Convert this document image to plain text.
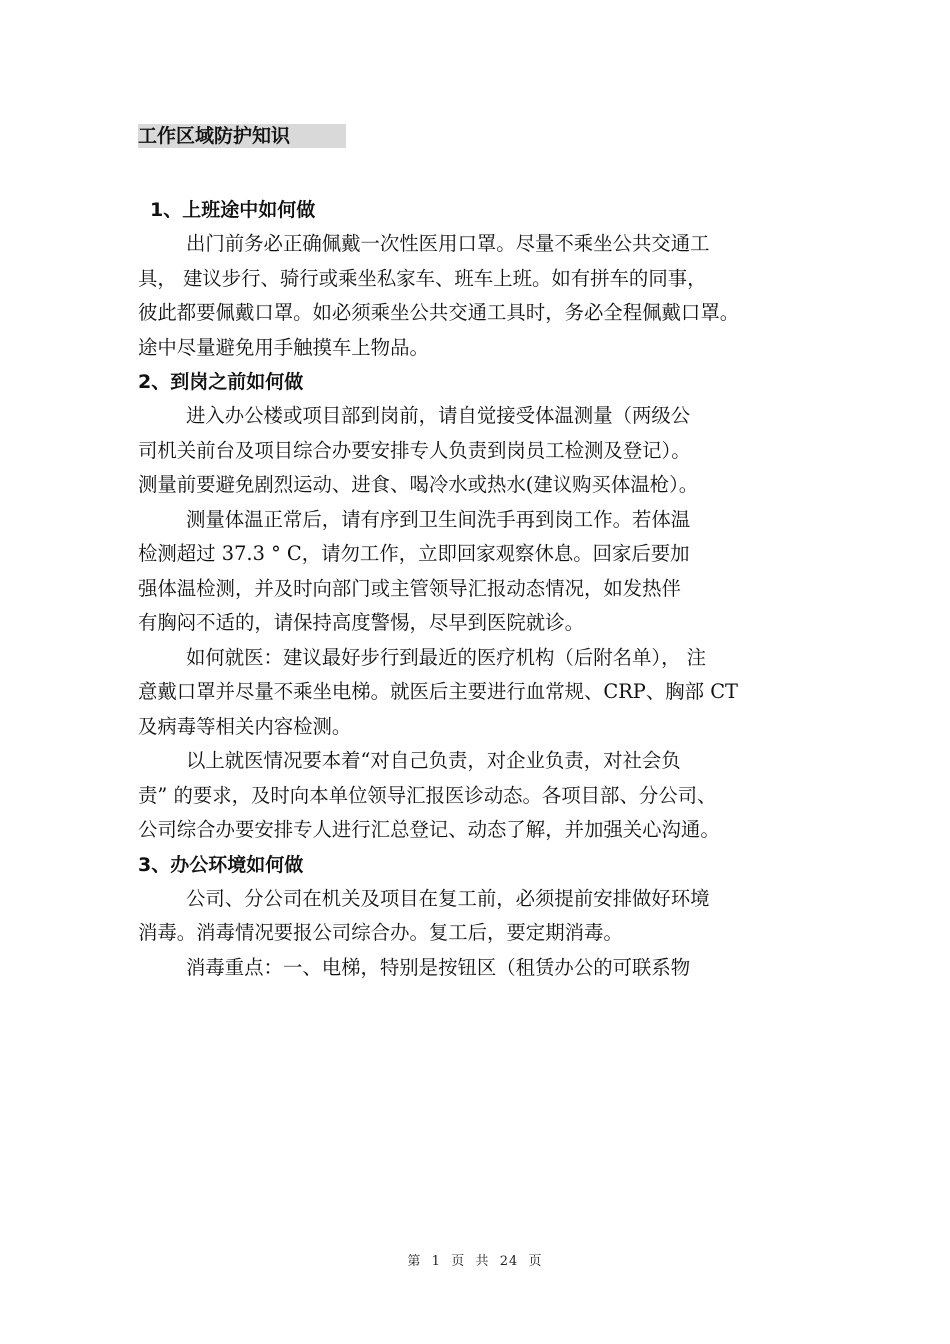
工作区域防护知识
1、上班途中如何做
出门前务必正确佩戴一次性医用口罩。尽量不乘坐公共交通工
具， 建议步行、骑行或乘坐私家车、班车上班。如有拼车的同事，
彼此都要佩戴口罩。如必须乘坐公共交通工具时，务必全程佩戴口罩。
途中尽量避免用手触摸车上物品。
2、到岗之前如何做
进入办公楼或项目部到岗前，请自觉接受体温测量（两级公
司机关前台及项目综合办要安排专人负责到岗员工检测及登记）。
测量前要避免剧烈运动、进食、喝冷水或热水(建议购买体温枪）。
测量体温正常后，请有序到卫生间洗手再到岗工作。若体温
检测超过 37.3 ° C，请勿工作，立即回家观察休息。回家后要加
强体温检测，并及时向部门或主管领导汇报动态情况，如发热伴
有胸闷不适的，请保持高度警惕，尽早到医院就诊。
如何就医：建议最好步行到最近的医疗机构（后附名单）， 注
意戴口罩并尽量不乘坐电梯。就医后主要进行血常规、CRP、胸部 CT
及病毒等相关内容检测。
以上就医情况要本着“对自己负责，对企业负责，对社会负
责” 的要求，及时向本单位领导汇报医诊动态。各项目部、分公司、
公司综合办要安排专人进行汇总登记、动态了解，并加强关心沟通。
3、办公环境如何做
公司、分公司在机关及项目在复工前，必须提前安排做好环境
消毒。消毒情况要报公司综合办。复工后，要定期消毒。
消毒重点：一、电梯，特别是按钮区（租赁办公的可联系物
第  1  页  共  24  页
